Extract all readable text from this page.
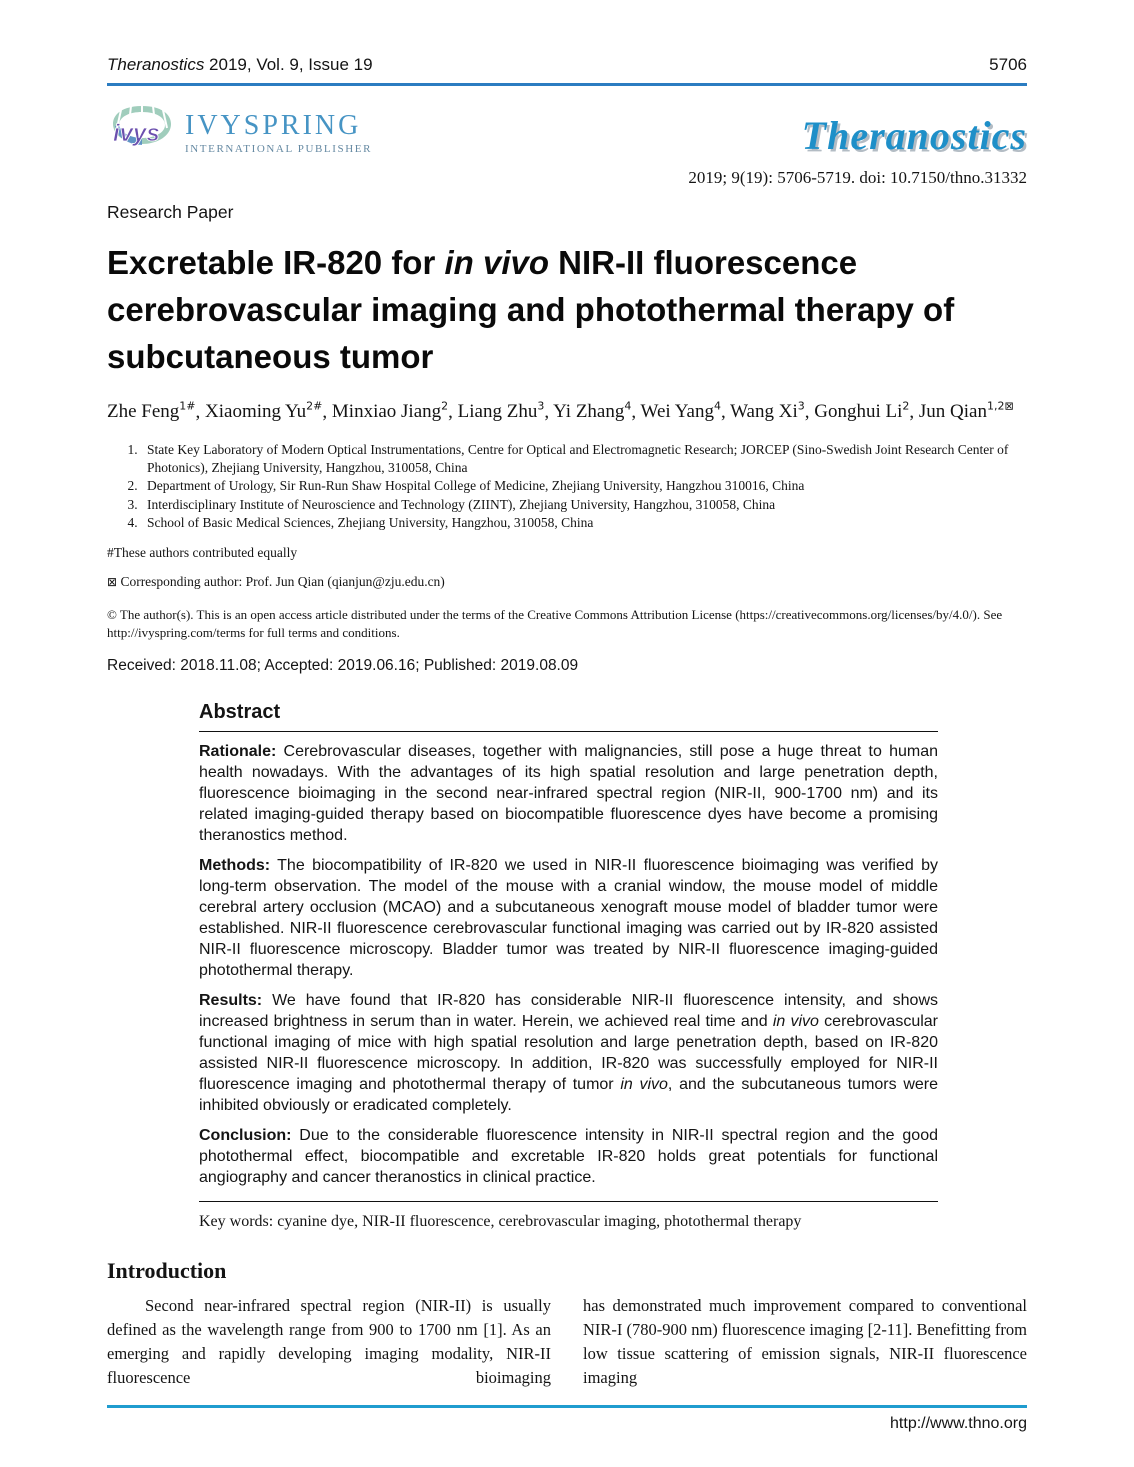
Theranostics 2019, Vol. 9, Issue 19	5706
ivys IVYSPRING
INTERNATIONAL PUBLISHER	Theranostics
2019; 9(19): 5706-5719. doi: 10.7150/thno.31332
Research Paper
Excretable IR-820 for in vivo NIR-II fluorescence cerebrovascular imaging and photothermal therapy of subcutaneous tumor

Zhe Feng$^{1\#}$, Xiaoming $Yu^{2\#}$, Minxiao Jiang$^2$, Liang Zhu$^3$, Yi Zhang$^4$, Wei Yang$^4$, Wang Xi$^3$, Gonghui Li$^2$, Jun Qian$^{1,2⊠}$

1. State Key Laboratory of Modern Optical Instrumentations, Centre for Optical and Electromagnetic Research; JORCEP (Sino-Swedish Joint Research Center of Photonics), Zhejiang University, Hangzhou, 310058, China
2. Department of Urology, Sir Run-Run Shaw Hospital College of Medicine, Zhejiang University, Hangzhou 310016, China
3. Interdisciplinary Institute of Neuroscience and Technology (ZIINT), Zhejiang University, Hangzhou, 310058, China
4. School of Basic Medical Sciences, Zhejiang University, Hangzhou, 310058, China

#These authors contributed equally

⊠ Corresponding author: Prof. Jun Qian (qianjun@zju.edu.cn)

© The author(s). This is an open access article distributed under the terms of the Creative Commons Attribution License (https://creativecommons.org/licenses/by/4.0/). See http://ivyspring.com/terms for full terms and conditions.

Received: 2018.11.08; Accepted: 2019.06.16; Published: 2019.08.09

Abstract

Rationale: Cerebrovascular diseases, together with malignancies, still pose a huge threat to human health nowadays. With the advantages of its high spatial resolution and large penetration depth, fluorescence bioimaging in the second near-infrared spectral region (NIR-II, 900-1700 nm) and its related imaging-guided therapy based on biocompatible fluorescence dyes have become a promising theranostics method.

Methods: The biocompatibility of IR-820 we used in NIR-II fluorescence bioimaging was verified by long-term observation. The model of the mouse with a cranial window, the mouse model of middle cerebral artery occlusion (MCAO) and a subcutaneous xenograft mouse model of bladder tumor were established. NIR-II fluorescence cerebrovascular functional imaging was carried out by IR-820 assisted NIR-II fluorescence microscopy. Bladder tumor was treated by NIR-II fluorescence imaging-guided photothermal therapy.

Results: We have found that IR-820 has considerable NIR-II fluorescence intensity, and shows increased brightness in serum than in water. Herein, we achieved real time and in vivo cerebrovascular functional imaging of mice with high spatial resolution and large penetration depth, based on IR-820 assisted NIR-II fluorescence microscopy. In addition, IR-820 was successfully employed for NIR-II fluorescence imaging and photothermal therapy of tumor in vivo, and the subcutaneous tumors were inhibited obviously or eradicated completely.

Conclusion: Due to the considerable fluorescence intensity in NIR-II spectral region and the good photothermal effect, biocompatible and excretable IR-820 holds great potentials for functional angiography and cancer theranostics in clinical practice.

Key words: cyanine dye, NIR-II fluorescence, cerebrovascular imaging, photothermal therapy

Introduction

Second near-infrared spectral region (NIR-II) is usually defined as the wavelength range from 900 to 1700 nm [1]. As an emerging and rapidly developing imaging modality, NIR-II fluorescence bioimaging

has demonstrated much improvement compared to conventional NIR-I (780-900 nm) fluorescence imaging [2-11]. Benefitting from low tissue scattering of emission signals, NIR-II fluorescence imaging

http://www.thno.org
